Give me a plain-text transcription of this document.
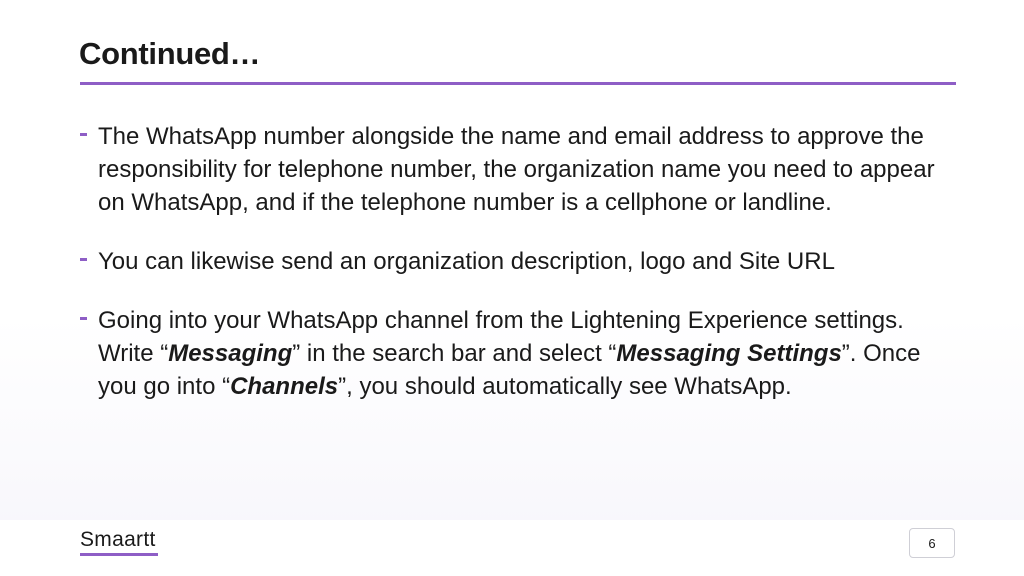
Continued…
The WhatsApp number alongside the name and email address to approve the responsibility for telephone number, the organization name you need to appear on WhatsApp, and if the telephone number is a cellphone or landline.
You can likewise send an organization description, logo and Site URL
Going into your WhatsApp channel from the Lightening Experience settings. Write “Messaging” in the search bar and select “Messaging Settings”. Once you go into “Channels”, you should automatically see WhatsApp.
Smaartt	6
